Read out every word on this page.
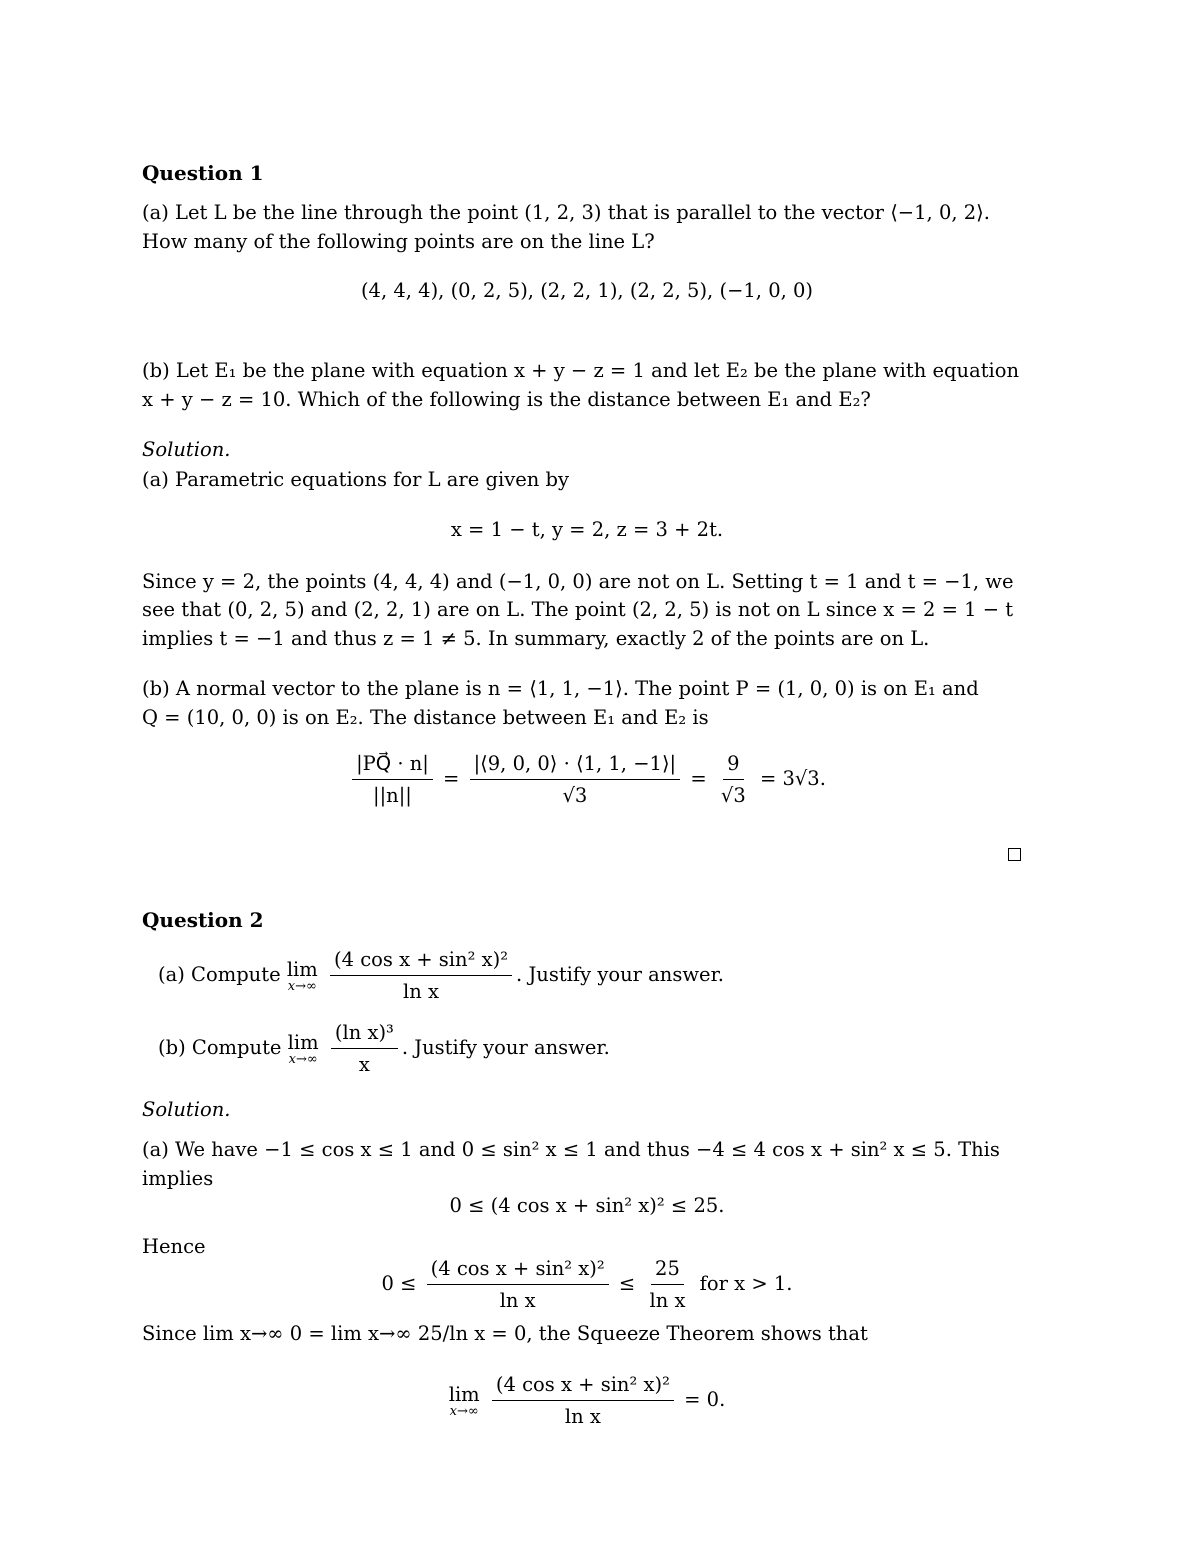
Question 1
(a) Let L be the line through the point (1, 2, 3) that is parallel to the vector ⟨−1, 0, 2⟩.
How many of the following points are on the line L?
(4, 4, 4), (0, 2, 5), (2, 2, 1), (2, 2, 5), (−1, 0, 0)
(b) Let E₁ be the plane with equation x + y − z = 1 and let E₂ be the plane with equation
x + y − z = 10. Which of the following is the distance between E₁ and E₂?
Solution.
(a) Parametric equations for L are given by
x = 1 − t, y = 2, z = 3 + 2t.
Since y = 2, the points (4, 4, 4) and (−1, 0, 0) are not on L. Setting t = 1 and t = −1, we
see that (0, 2, 5) and (2, 2, 1) are on L. The point (2, 2, 5) is not on L since x = 2 = 1 − t
implies t = −1 and thus z = 1 ≠ 5. In summary, exactly 2 of the points are on L.
(b) A normal vector to the plane is n = ⟨1, 1, −1⟩. The point P = (1, 0, 0) is on E₁ and
Q = (10, 0, 0) is on E₂. The distance between E₁ and E₂ is
$\frac{|PQ⃗ \cdot n|}{||n||} = \frac{|⟨9, 0, 0⟩ \cdot ⟨1, 1, -1⟩|}{√3} = \frac{9}{√3} = 3√3$.
Question 2
(a) Compute lim
x→∞
$\frac{\text{(4 cos x + sin² x)²}}{\text{ln x}}$ . Justify your answer.
(b) Compute lim
x→∞
$\frac{\text{(ln x)³}}{x}$ . Justify your answer.
Solution.
(a) We have −1 ≤ cos x ≤ 1 and 0 ≤ sin² x ≤ 1 and thus −4 ≤ 4 cos x + sin² x ≤ 5. This
implies
0 ≤ (4 cos x + sin² x)² ≤ 25.
Hence
$0 \le \frac{\text{(4 cos x + sin² x)²}}{\text{ln x}} \le \frac{25}{\text{ln x}}$ for x > 1.
Since lim x→∞ 0 = lim x→∞ 25/ln x = 0, the Squeeze Theorem shows that
lim
x→∞
$\frac{\text{(4 cos x + sin² x)²}}{\text{ln x}} = 0$.
